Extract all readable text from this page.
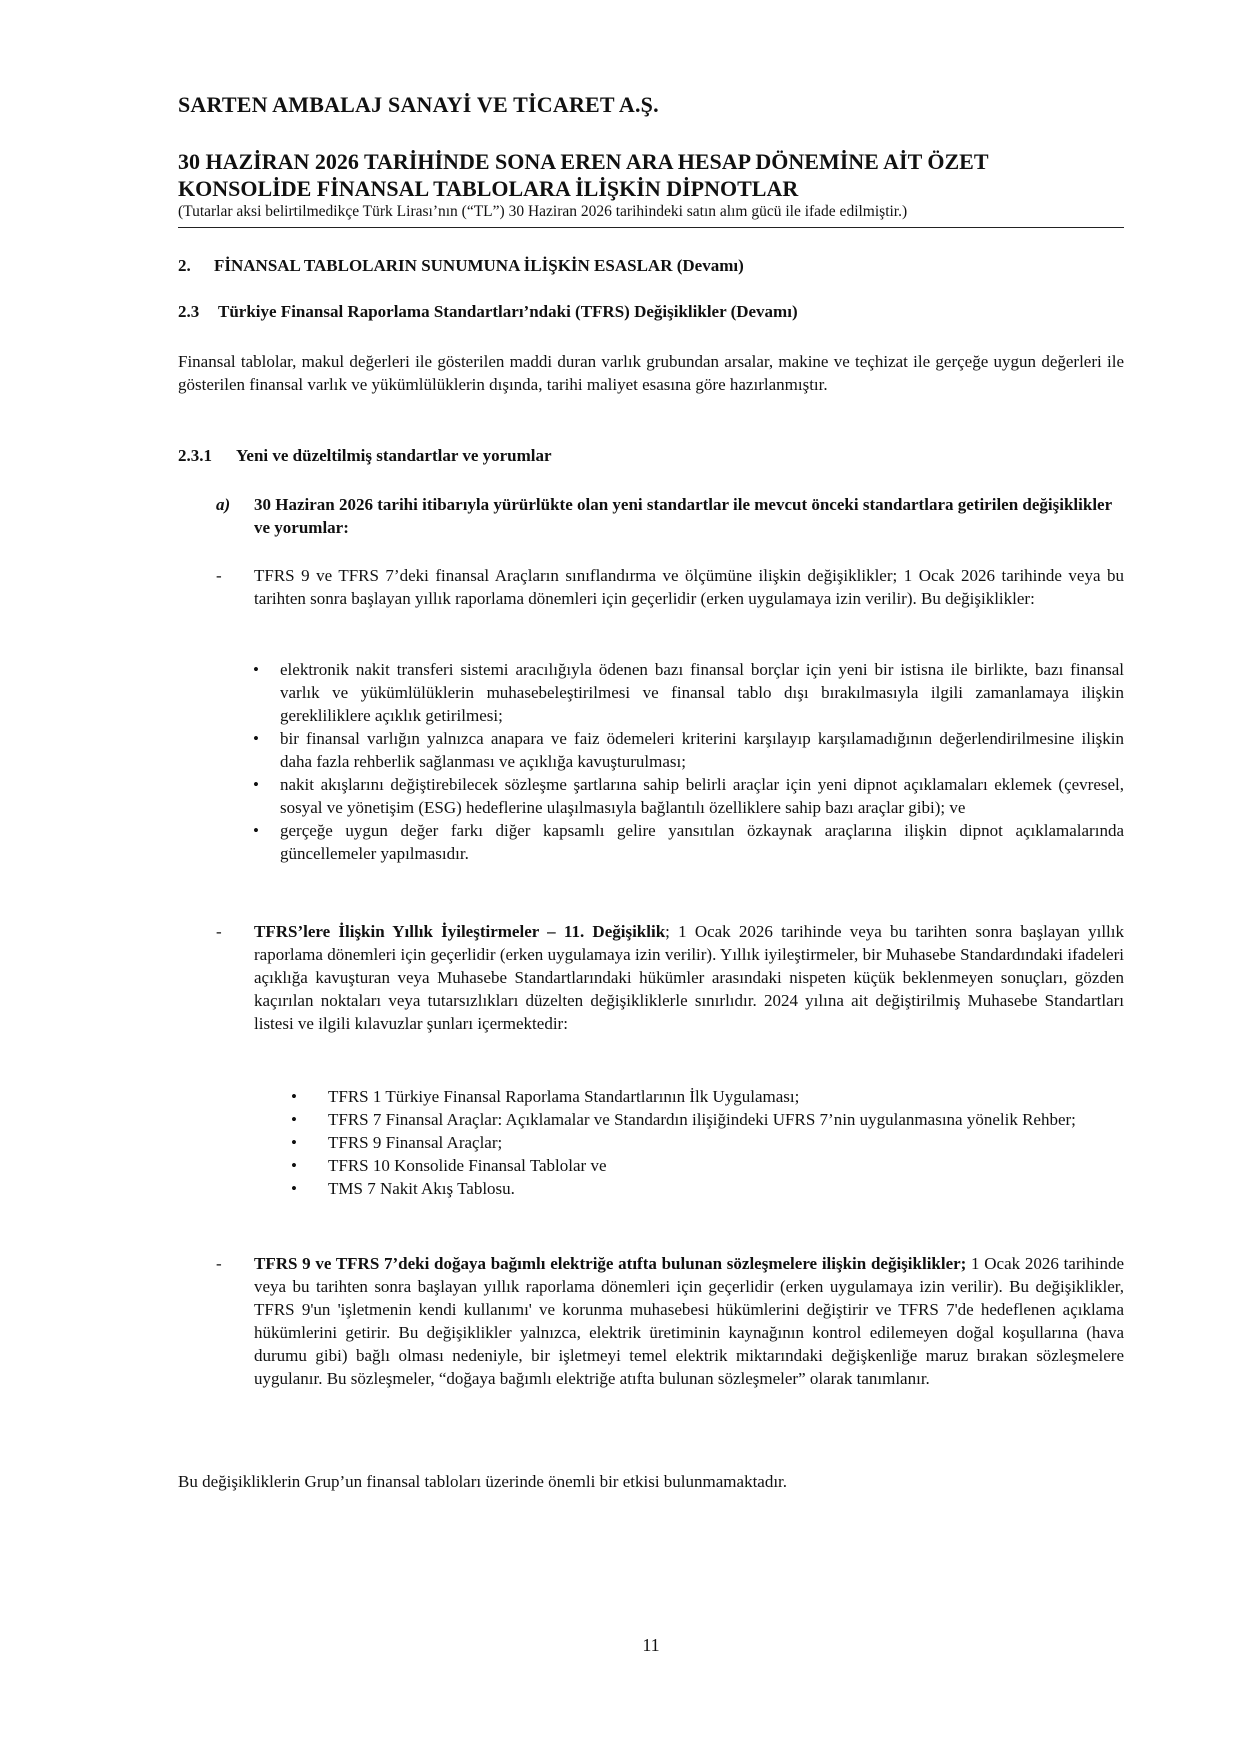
SARTEN AMBALAJ SANAYİ VE TİCARET A.Ş.
30 HAZİRAN 2026 TARİHİNDE SONA EREN ARA HESAP DÖNEMİNE AİT ÖZET
KONSOLİDE FİNANSAL TABLOLARA İLİŞKİN DİPNOTLAR
(Tutarlar aksi belirtilmedikçe Türk Lirası’nın (“TL”) 30 Haziran 2026 tarihindeki satın alım gücü ile ifade edilmiştir.)
2. FİNANSAL TABLOLARIN SUNUMUNA İLİŞKİN ESASLAR (Devamı)
2.3 Türkiye Finansal Raporlama Standartları’ndaki (TFRS) Değişiklikler (Devamı)
Finansal tablolar, makul değerleri ile gösterilen maddi duran varlık grubundan arsalar, makine ve teçhizat ile gerçeğe uygun değerleri ile gösterilen finansal varlık ve yükümlülüklerin dışında, tarihi maliyet esasına göre hazırlanmıştır.
2.3.1 Yeni ve düzeltilmiş standartlar ve yorumlar
a) 30 Haziran 2026 tarihi itibarıyla yürürlükte olan yeni standartlar ile mevcut önceki standartlara getirilen değişiklikler ve yorumlar:
- TFRS 9 ve TFRS 7’deki finansal Araçların sınıflandırma ve ölçümüne ilişkin değişiklikler; 1 Ocak 2026 tarihinde veya bu tarihten sonra başlayan yıllık raporlama dönemleri için geçerlidir (erken uygulamaya izin verilir). Bu değişiklikler:
• elektronik nakit transferi sistemi aracılığıyla ödenen bazı finansal borçlar için yeni bir istisna ile birlikte, bazı finansal varlık ve yükümlülüklerin muhasebeleştirilmesi ve finansal tablo dışı bırakılmasıyla ilgili zamanlamaya ilişkin gerekliliklere açıklık getirilmesi;
• bir finansal varlığın yalnızca anapara ve faiz ödemeleri kriterini karşılayıp karşılamadığının değerlendirilmesine ilişkin daha fazla rehberlik sağlanması ve açıklığa kavuşturulması;
• nakit akışlarını değiştirebilecek sözleşme şartlarına sahip belirli araçlar için yeni dipnot açıklamaları eklemek (çevresel, sosyal ve yönetişim (ESG) hedeflerine ulaşılmasıyla bağlantılı özelliklere sahip bazı araçlar gibi); ve
• gerçeğe uygun değer farkı diğer kapsamlı gelire yansıtılan özkaynak araçlarına ilişkin dipnot açıklamalarında güncellemeler yapılmasıdır.
- TFRS’lere İlişkin Yıllık İyileştirmeler – 11. Değişiklik; 1 Ocak 2026 tarihinde veya bu tarihten sonra başlayan yıllık raporlama dönemleri için geçerlidir (erken uygulamaya izin verilir). Yıllık iyileştirmeler, bir Muhasebe Standardındaki ifadeleri açıklığa kavuşturan veya Muhasebe Standartlarındaki hükümler arasındaki nispeten küçük beklenmeyen sonuçları, gözden kaçırılan noktaları veya tutarsızlıkları düzelten değişikliklerle sınırlıdır. 2024 yılına ait değiştirilmiş Muhasebe Standartları listesi ve ilgili kılavuzlar şunları içermektedir:
• TFRS 1 Türkiye Finansal Raporlama Standartlarının İlk Uygulaması;
• TFRS 7 Finansal Araçlar: Açıklamalar ve Standardın ilişiğindeki UFRS 7’nin uygulanmasına yönelik Rehber;
• TFRS 9 Finansal Araçlar;
• TFRS 10 Konsolide Finansal Tablolar ve
• TMS 7 Nakit Akış Tablosu.
- TFRS 9 ve TFRS 7’deki doğaya bağımlı elektriğe atıfta bulunan sözleşmelere ilişkin değişiklikler; 1 Ocak 2026 tarihinde veya bu tarihten sonra başlayan yıllık raporlama dönemleri için geçerlidir (erken uygulamaya izin verilir). Bu değişiklikler, TFRS 9'un 'işletmenin kendi kullanımı' ve korunma muhasebesi hükümlerini değiştirir ve TFRS 7'de hedeflenen açıklama hükümlerini getirir. Bu değişiklikler yalnızca, elektrik üretiminin kaynağının kontrol edilemeyen doğal koşullarına (hava durumu gibi) bağlı olması nedeniyle, bir işletmeyi temel elektrik miktarındaki değişkenliğe maruz bırakan sözleşmelere uygulanır. Bu sözleşmeler, “doğaya bağımlı elektriğe atıfta bulunan sözleşmeler” olarak tanımlanır.
Bu değişikliklerin Grup’un finansal tabloları üzerinde önemli bir etkisi bulunmamaktadır.
11
